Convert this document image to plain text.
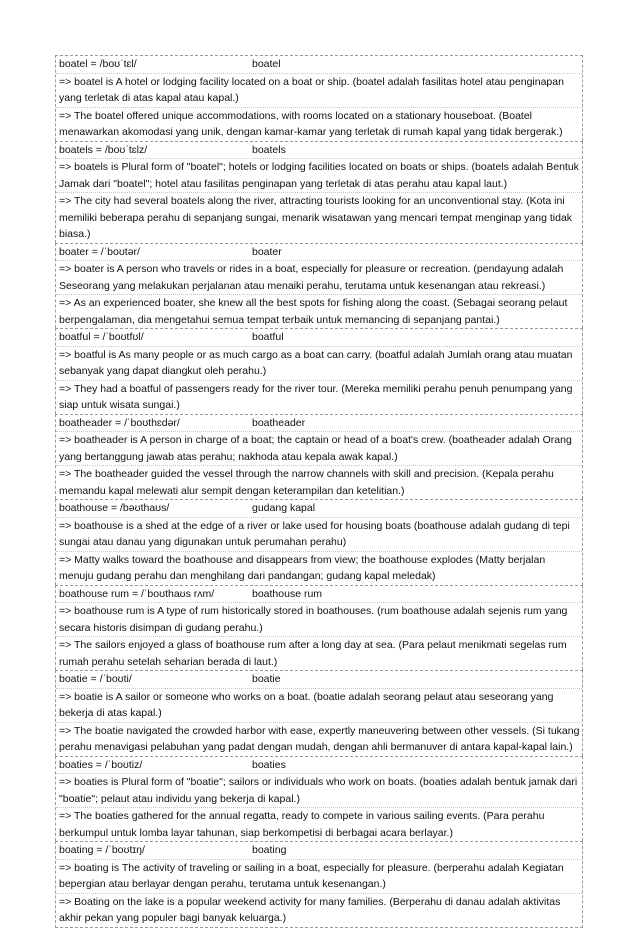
boatel = /boʊˈtɛl/	boatel
=> boatel is A hotel or lodging facility located on a boat or ship. (boatel adalah fasilitas hotel atau penginapan yang terletak di atas kapal atau kapal.)
=> The boatel offered unique accommodations, with rooms located on a stationary houseboat. (Boatel menawarkan akomodasi yang unik, dengan kamar-kamar yang terletak di rumah kapal yang tidak bergerak.)
boatels = /boʊˈtɛlz/	boatels
=> boatels is Plural form of "boatel"; hotels or lodging facilities located on boats or ships. (boatels adalah Bentuk Jamak dari "boatel"; hotel atau fasilitas penginapan yang terletak di atas perahu atau kapal laut.)
=> The city had several boatels along the river, attracting tourists looking for an unconventional stay. (Kota ini memiliki beberapa perahu di sepanjang sungai, menarik wisatawan yang mencari tempat menginap yang tidak biasa.)
boater = /ˈboʊtər/	boater
=> boater is A person who travels or rides in a boat, especially for pleasure or recreation. (pendayung adalah Seseorang yang melakukan perjalanan atau menaiki perahu, terutama untuk kesenangan atau rekreasi.)
=> As an experienced boater, she knew all the best spots for fishing along the coast. (Sebagai seorang pelaut berpengalaman, dia mengetahui semua tempat terbaik untuk memancing di sepanjang pantai.)
boatful = /ˈboʊtfʊl/	boatful
=> boatful is As many people or as much cargo as a boat can carry. (boatful adalah Jumlah orang atau muatan sebanyak yang dapat diangkut oleh perahu.)
=> They had a boatful of passengers ready for the river tour. (Mereka memiliki perahu penuh penumpang yang siap untuk wisata sungai.)
boatheader = /ˈboʊthɛdər/	boatheader
=> boatheader is A person in charge of a boat; the captain or head of a boat's crew. (boatheader adalah Orang yang bertanggung jawab atas perahu; nakhoda atau kepala awak kapal.)
=> The boatheader guided the vessel through the narrow channels with skill and precision. (Kepala perahu memandu kapal melewati alur sempit dengan keterampilan dan ketelitian.)
boathouse = /bəʊthaʊs/	gudang kapal
=> boathouse is a shed at the edge of a river or lake used for housing boats (boathouse adalah gudang di tepi sungai atau danau yang digunakan untuk perumahan perahu)
=> Matty walks toward the boathouse and disappears from view; the boathouse explodes (Matty berjalan menuju gudang perahu dan menghilang dari pandangan; gudang kapal meledak)
boathouse rum = /ˈboʊthaʊs rʌm/	boathouse rum
=> boathouse rum is A type of rum historically stored in boathouses. (rum boathouse adalah sejenis rum yang secara historis disimpan di gudang perahu.)
=> The sailors enjoyed a glass of boathouse rum after a long day at sea. (Para pelaut menikmati segelas rum rumah perahu setelah seharian berada di laut.)
boatie = /ˈboʊti/	boatie
=> boatie is A sailor or someone who works on a boat. (boatie adalah seorang pelaut atau seseorang yang bekerja di atas kapal.)
=> The boatie navigated the crowded harbor with ease, expertly maneuvering between other vessels. (Si tukang perahu menavigasi pelabuhan yang padat dengan mudah, dengan ahli bermanuver di antara kapal-kapal lain.)
boaties = /ˈboʊtiz/	boaties
=> boaties is Plural form of "boatie"; sailors or individuals who work on boats. (boaties adalah bentuk jamak dari "boatie"; pelaut atau individu yang bekerja di kapal.)
=> The boaties gathered for the annual regatta, ready to compete in various sailing events. (Para perahu berkumpul untuk lomba layar tahunan, siap berkompetisi di berbagai acara berlayar.)
boating = /ˈboʊtɪŋ/	boating
=> boating is The activity of traveling or sailing in a boat, especially for pleasure. (berperahu adalah Kegiatan bepergian atau berlayar dengan perahu, terutama untuk kesenangan.)
=> Boating on the lake is a popular weekend activity for many families. (Berperahu di danau adalah aktivitas akhir pekan yang populer bagi banyak keluarga.)
